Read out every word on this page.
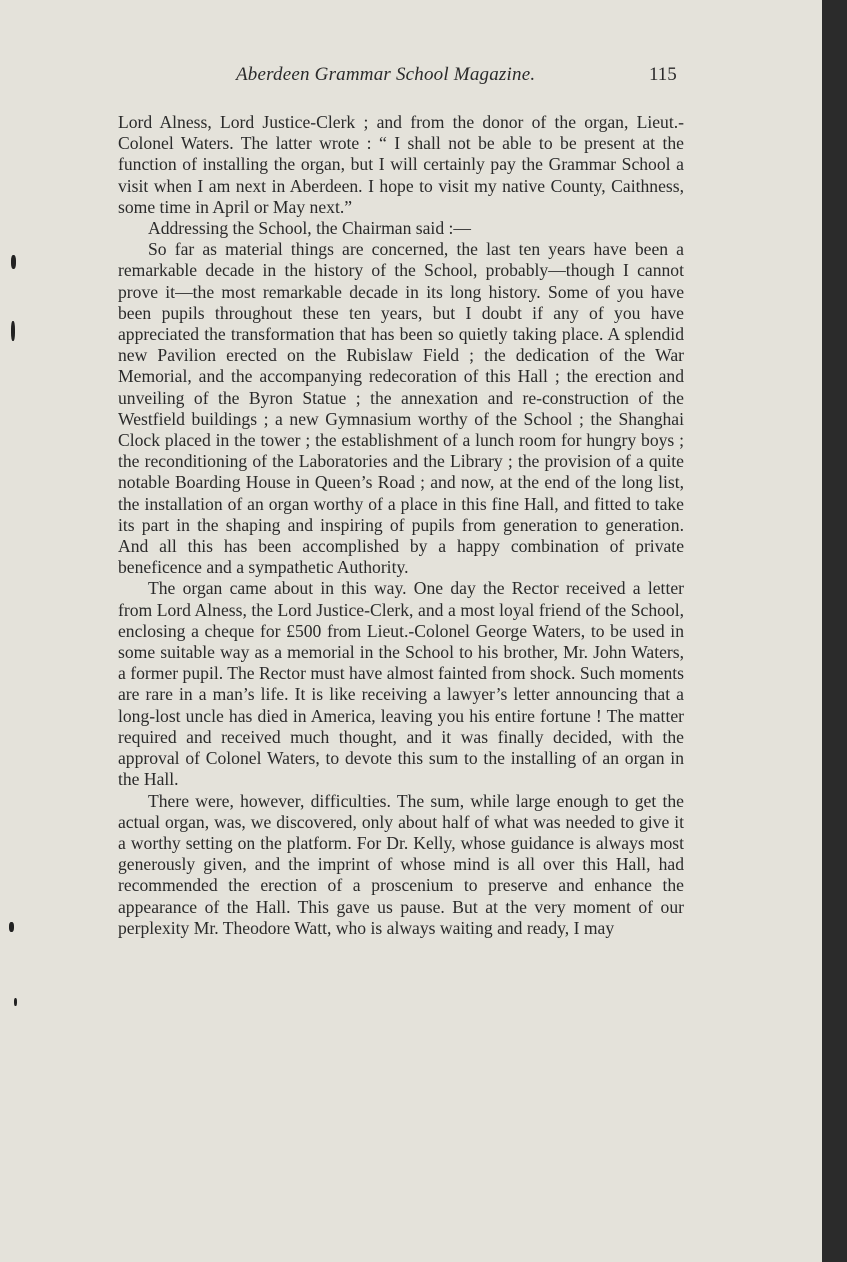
Aberdeen Grammar School Magazine.	115

Lord Alness, Lord Justice-Clerk ; and from the donor of the organ, Lieut.-Colonel Waters. The latter wrote : “ I shall not be able to be present at the function of installing the organ, but I will certainly pay the Grammar School a visit when I am next in Aberdeen. I hope to visit my native County, Caithness, some time in April or May next.”

Addressing the School, the Chairman said :—

So far as material things are concerned, the last ten years have been a remarkable decade in the history of the School, probably—though I cannot prove it—the most remarkable decade in its long history. Some of you have been pupils throughout these ten years, but I doubt if any of you have appreciated the transformation that has been so quietly taking place. A splendid new Pavilion erected on the Rubislaw Field ; the dedication of the War Memorial, and the accompanying redecoration of this Hall ; the erection and unveiling of the Byron Statue ; the annexation and re-construction of the Westfield buildings ; a new Gymnasium worthy of the School ; the Shanghai Clock placed in the tower ; the establishment of a lunch room for hungry boys ; the reconditioning of the Laboratories and the Library ; the provision of a quite notable Boarding House in Queen’s Road ; and now, at the end of the long list, the installation of an organ worthy of a place in this fine Hall, and fitted to take its part in the shaping and inspiring of pupils from generation to generation. And all this has been accomplished by a happy combination of private beneficence and a sympathetic Authority.

The organ came about in this way. One day the Rector received a letter from Lord Alness, the Lord Justice-Clerk, and a most loyal friend of the School, enclosing a cheque for £500 from Lieut.-Colonel George Waters, to be used in some suitable way as a memorial in the School to his brother, Mr. John Waters, a former pupil. The Rector must have almost fainted from shock. Such moments are rare in a man’s life. It is like receiving a lawyer’s letter announcing that a long-lost uncle has died in America, leaving you his entire fortune ! The matter required and received much thought, and it was finally decided, with the approval of Colonel Waters, to devote this sum to the installing of an organ in the Hall.

There were, however, difficulties. The sum, while large enough to get the actual organ, was, we discovered, only about half of what was needed to give it a worthy setting on the platform. For Dr. Kelly, whose guidance is always most generously given, and the imprint of whose mind is all over this Hall, had recommended the erection of a proscenium to preserve and enhance the appearance of the Hall. This gave us pause. But at the very moment of our perplexity Mr. Theodore Watt, who is always waiting and ready, I may
